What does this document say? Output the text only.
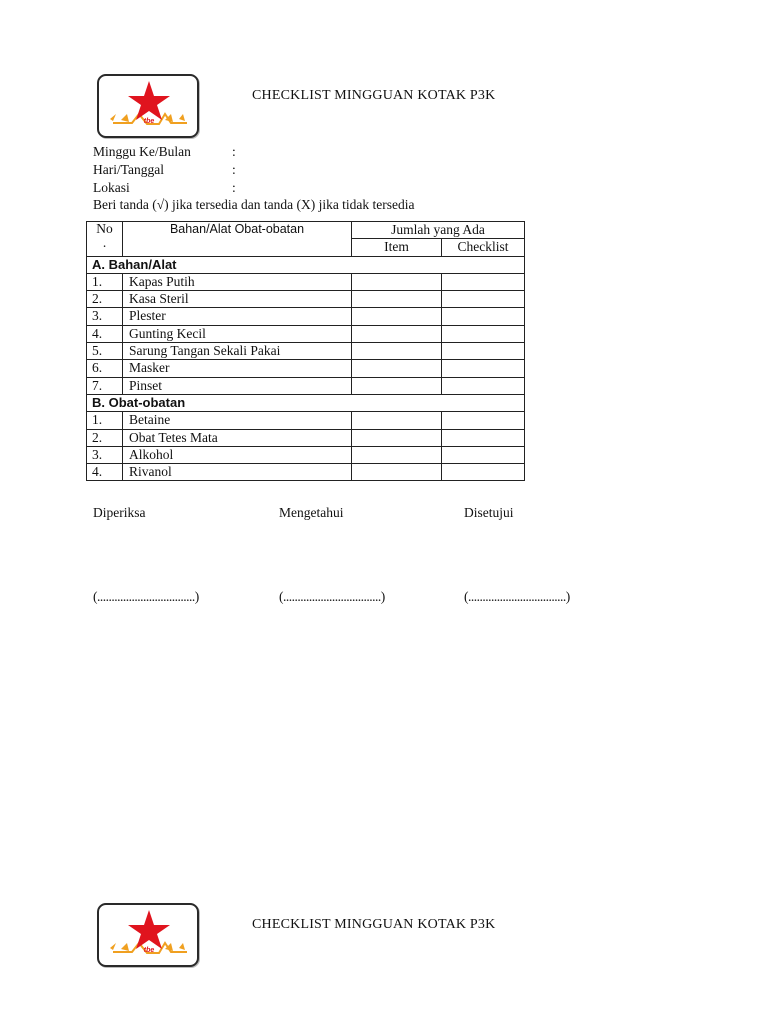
tbe
CHECKLIST MINGGUAN KOTAK P3K
Minggu Ke/Bulan	:
Hari/Tanggal	:
Lokasi	:
Beri tanda (√) jika tersedia dan tanda (X) jika tidak tersedia
No
.	Bahan/Alat Obat-obatan	Jumlah yang Ada	
		Item	Checklist
A. Bahan/Alat			
1.	Kapas Putih		
2.	Kasa Steril		
3.	Plester		
4.	Gunting Kecil		
5.	Sarung Tangan Sekali Pakai		
6.	Masker		
7.	Pinset		
B. Obat-obatan			
1.	Betaine		
2.	Obat Tetes Mata		
3.	Alkohol		
4.	Rivanol		
Diperiksa	Mengetahui	Disetujui
(..................................)	(..................................)	(..................................)
tbe
CHECKLIST MINGGUAN KOTAK P3K
